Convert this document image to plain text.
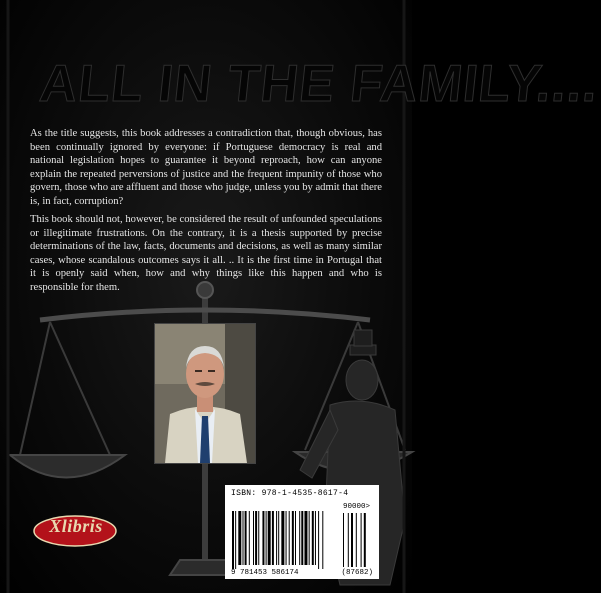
ALL IN THE FAMILY....

As the title suggests, this book addresses a contradiction that, though obvious, has been continually ignored by everyone: if Portuguese democracy is real and national legislation hopes to guarantee it beyond reproach, how can anyone explain the repeated perversions of justice and the frequent impunity of those who govern, those who are affluent and those who judge, unless you by admit that there is, in fact, corruption?

This book should not, however, be considered the result of unfounded speculations or illegitimate frustrations. On the contrary, it is a thesis supported by precise determinations of the law, facts, documents and decisions, as well as many similar cases, whose scandalous outcomes says it all. .. It is the first time in Portugal that it is openly said when, how and why things like this happen and who is responsible for them.

Xlibris
ISBN: 978-1-4535-8617-4
90000>
9 781453 586174	(87682)
